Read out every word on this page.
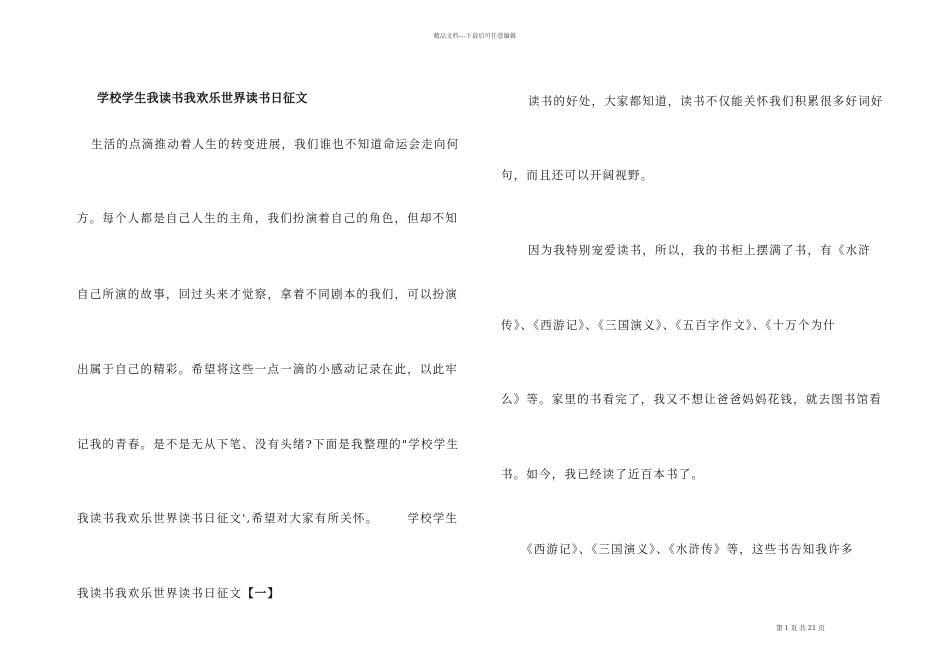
精品文档---下载后可任意编辑
学校学生我读书我欢乐世界读书日征文
生活的点滴推动着人生的转变进展，我们谁也不知道命运会走向何
方。每个人都是自己人生的主角，我们扮演着自己的角色，但却不知
自己所演的故事，回过头来才觉察，拿着不同剧本的我们，可以扮演
出属于自己的精彩。希望将这些一点一滴的小感动记录在此，以此牢
记我的青春。是不是无从下笔、没有头绪?下面是我整理的"学校学生
我读书我欢乐世界读书日征文',希望对大家有所关怀。      学校学生
我读书我欢乐世界读书日征文【一】
读书的好处，大家都知道，读书不仅能关怀我们积累很多好词好
句，而且还可以开阔视野。
因为我特别宠爱读书，所以，我的书柜上摆满了书，有《水浒
传》、《西游记》、《三国演义》、《五百字作文》、《十万个为什
么》等。家里的书看完了，我又不想让爸爸妈妈花钱，就去图书馆看
书。如今，我已经读了近百本书了。
《西游记》、《三国演义》、《水浒传》等，这些书告知我许多
第 1 页 共 21 页
